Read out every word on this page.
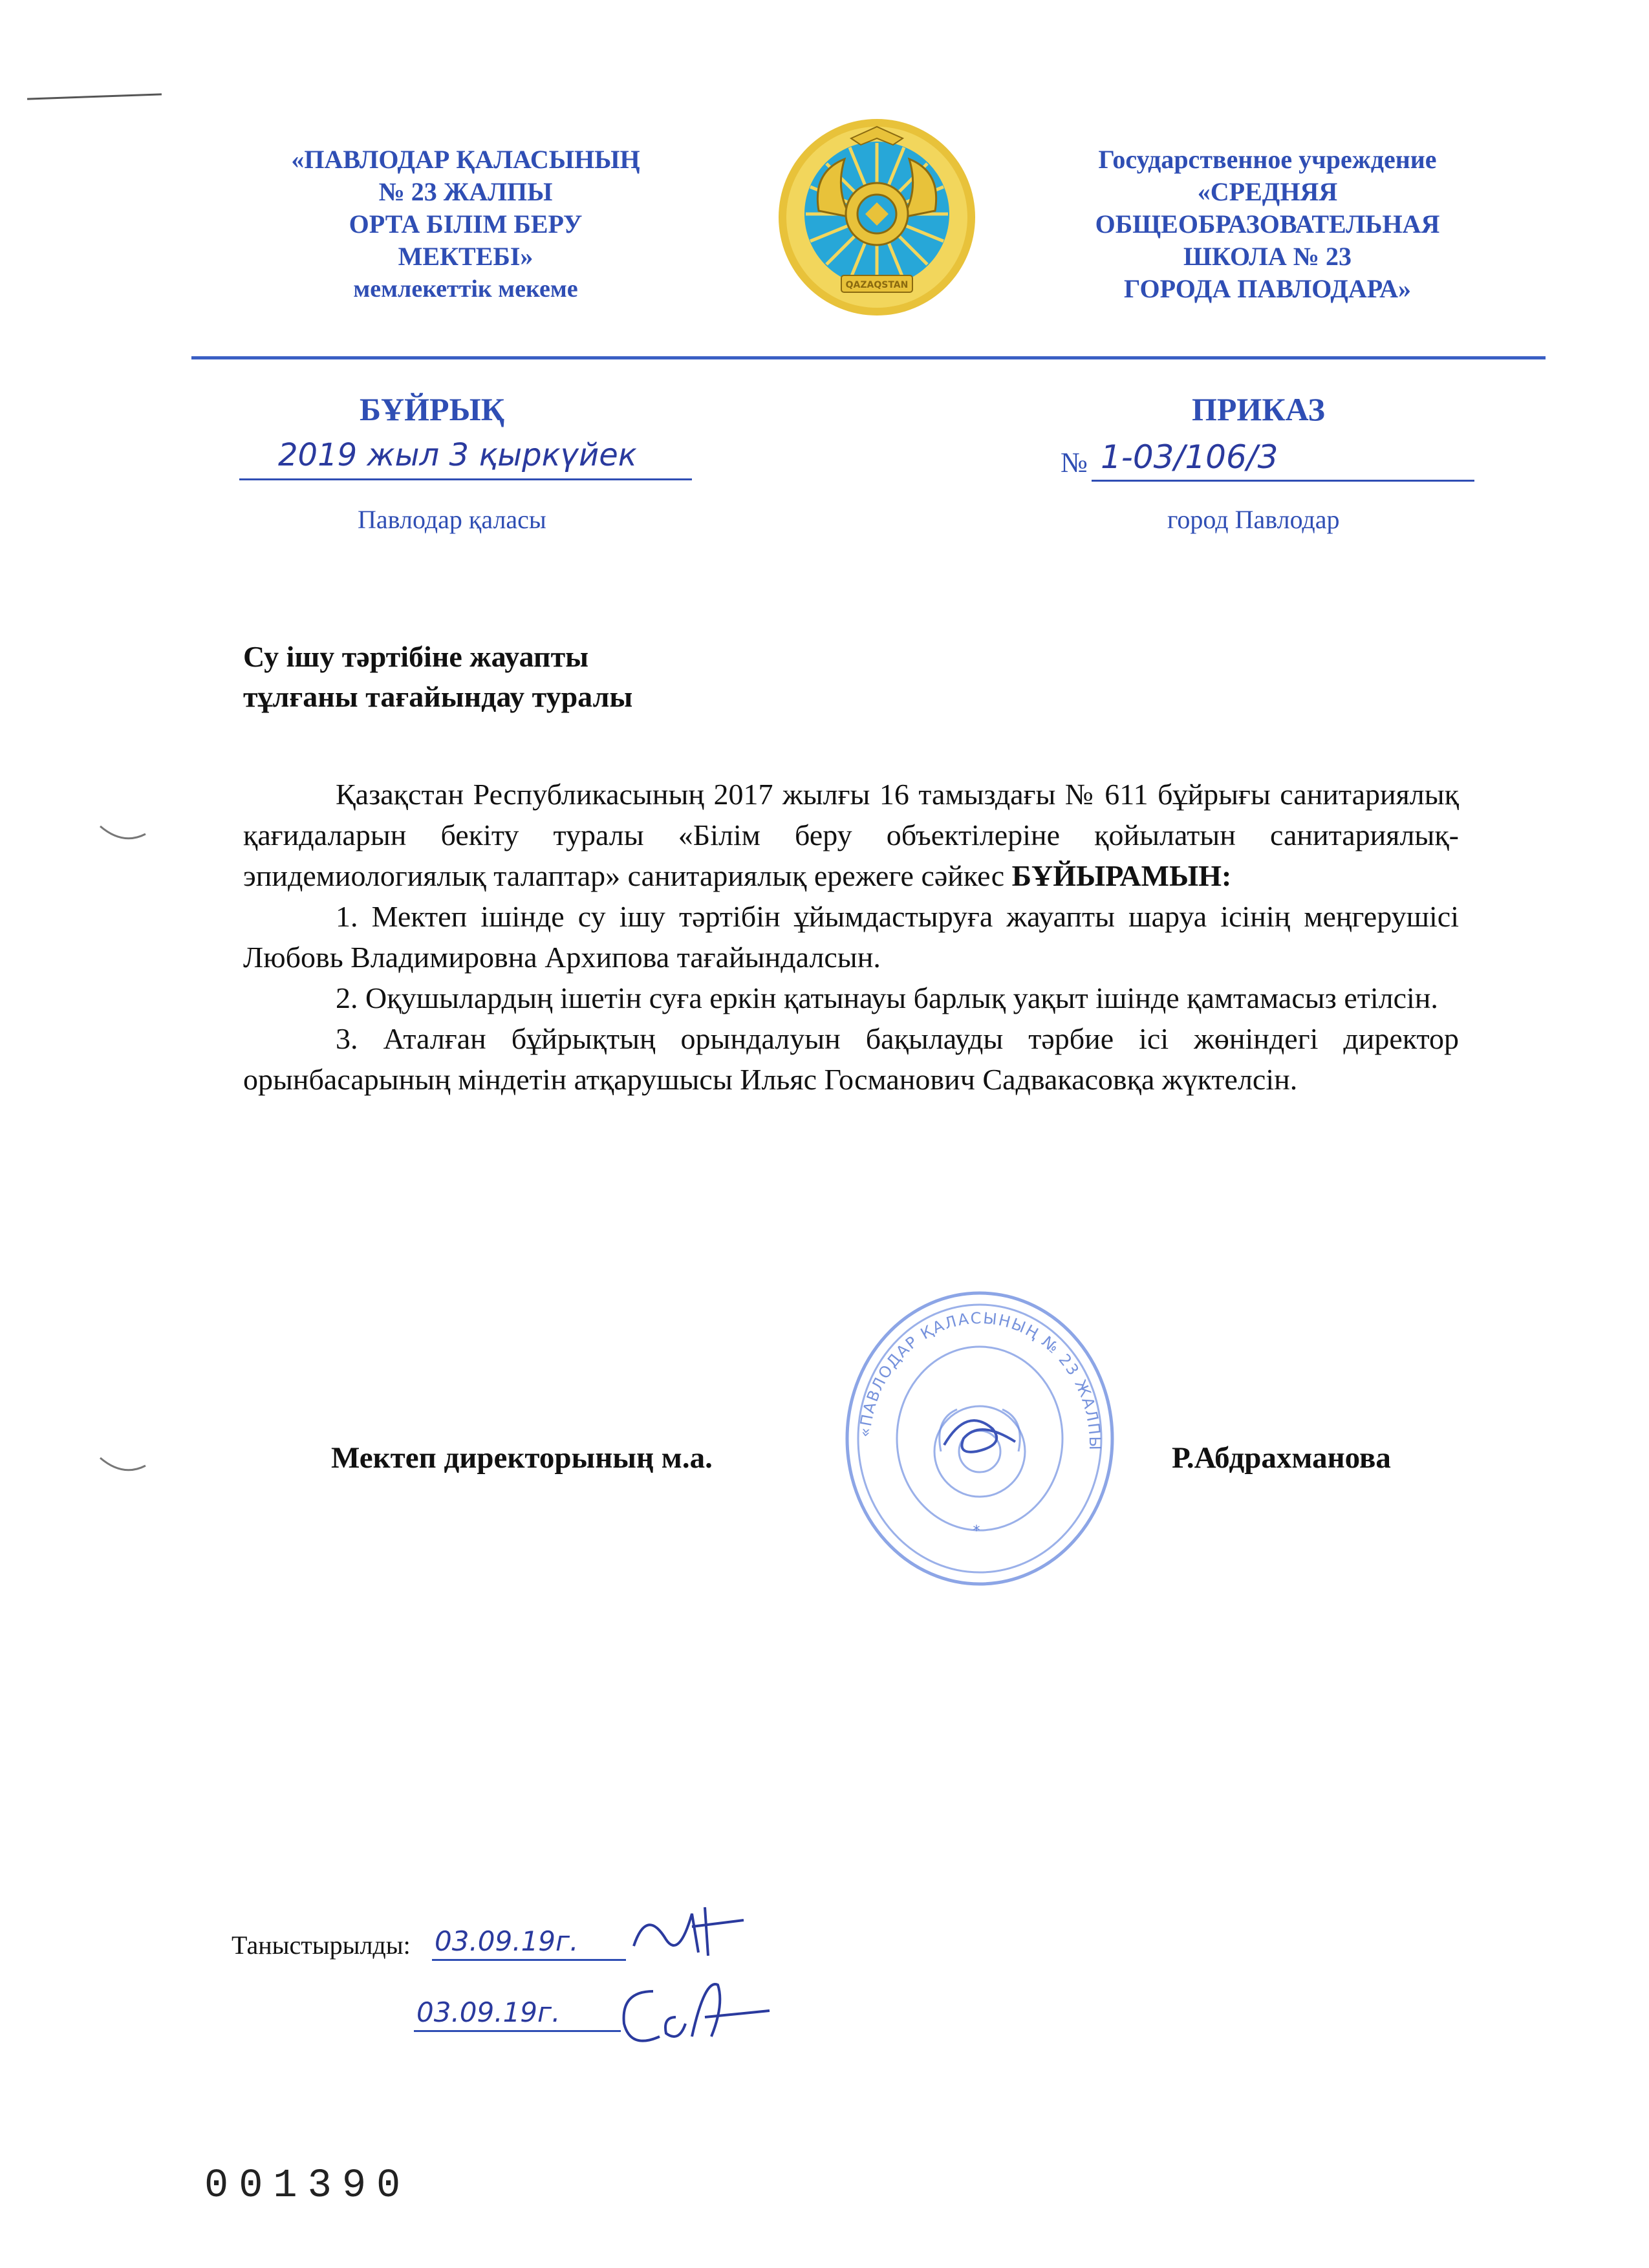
«ПАВЛОДАР ҚАЛАСЫНЫҢ
№ 23 ЖАЛПЫ
ОРТА БІЛІМ БЕРУ
МЕКТЕБІ»
мемлекеттік мекеме	QAZAQSTAN
Государственное учреждение
«СРЕДНЯЯ
ОБЩЕОБРАЗОВАТЕЛЬНАЯ
ШКОЛА № 23
ГОРОДА ПАВЛОДАРА»
БҰЙРЫҚ	ПРИКАЗ
2019 жыл 3 қыркүйек	№ 1-03/106/3
Павлодар қаласы	город Павлодар
Су ішу тәртібіне жауапты
тұлғаны тағайындау туралы

Қазақстан Республикасының 2017 жылғы 16 тамыздағы № 611 бұйрығы санитариялық қағидаларын бекіту туралы «Білім беру объектілеріне қойылатын санитариялық-эпидемиологиялық талаптар» санитариялық ережеге сәйкес БҰЙЫРАМЫН:

1. Мектеп ішінде су ішу тәртібін ұйымдастыруға жауапты шаруа ісінің меңгерушісі Любовь Владимировна Архипова тағайындалсын.

2. Оқушылардың ішетін суға еркін қатынауы барлық уақыт ішінде қамтамасыз етілсін.

3. Аталған бұйрықтың орындалуын бақылауды тәрбие ісі жөніндегі директор орынбасарының міндетін атқарушысы Ильяс Госманович Садвакасовқа жүктелсін.

Мектеп директорының м.а.	Р.Абдрахманова
«ПАВЛОДАР ҚАЛАСЫНЫҢ № 23 ЖАЛПЫ
*
Таныстырылды: 03.09.19г.
03.09.19г.
001390
